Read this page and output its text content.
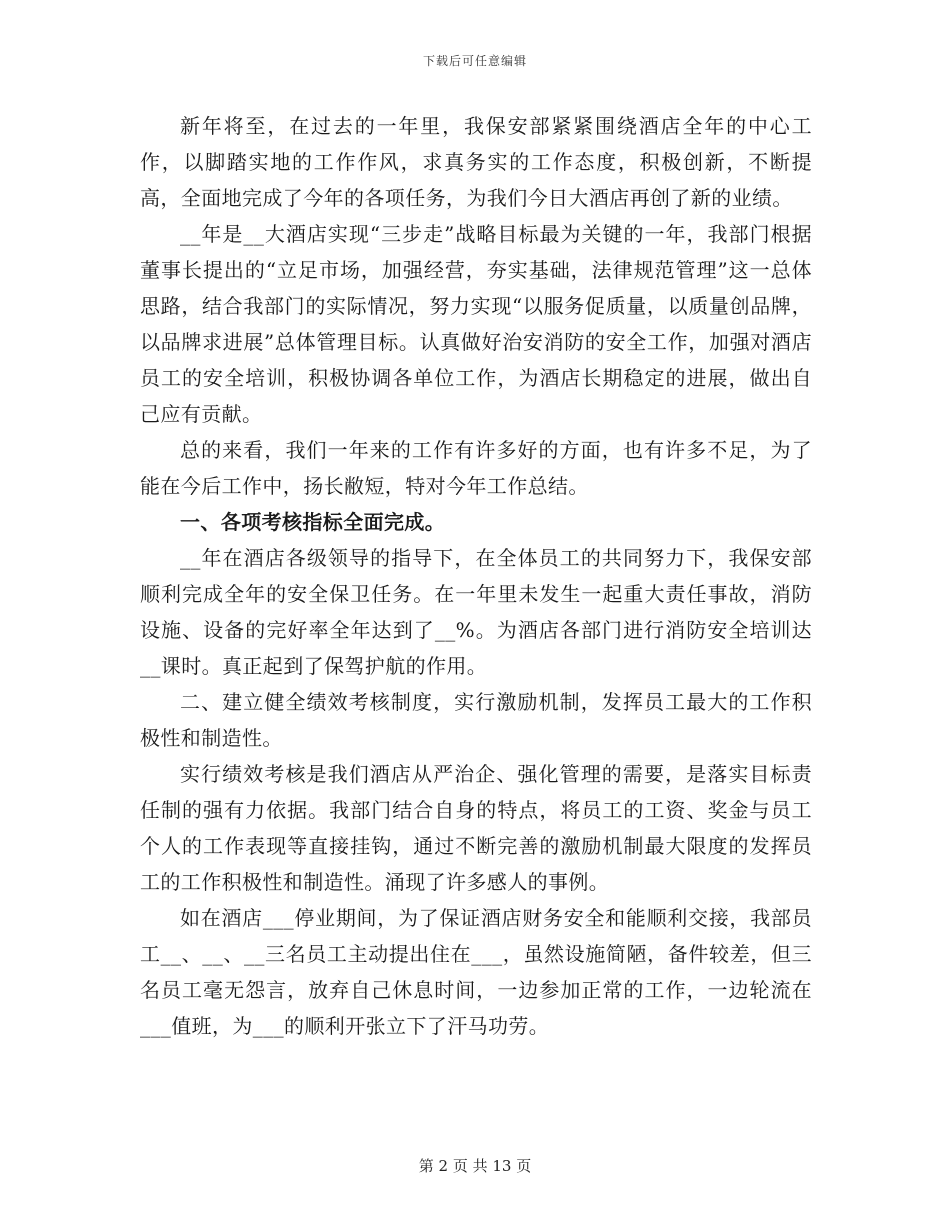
下载后可任意编辑

新年将至，在过去的一年里，我保安部紧紧围绕酒店全年的中心工作，以脚踏实地的工作作风，求真务实的工作态度，积极创新，不断提高，全面地完成了今年的各项任务，为我们今日大酒店再创了新的业绩。

__年是__大酒店实现“三步走”战略目标最为关键的一年，我部门根据董事长提出的“立足市场，加强经营，夯实基础，法律规范管理”这一总体思路，结合我部门的实际情况，努力实现“以服务促质量，以质量创品牌，以品牌求进展”总体管理目标。认真做好治安消防的安全工作，加强对酒店员工的安全培训，积极协调各单位工作，为酒店长期稳定的进展，做出自己应有贡献。

总的来看，我们一年来的工作有许多好的方面，也有许多不足，为了能在今后工作中，扬长敝短，特对今年工作总结。

一、各项考核指标全面完成。

__年在酒店各级领导的指导下，在全体员工的共同努力下，我保安部顺利完成全年的安全保卫任务。在一年里未发生一起重大责任事故，消防设施、设备的完好率全年达到了__%。为酒店各部门进行消防安全培训达__课时。真正起到了保驾护航的作用。

二、建立健全绩效考核制度，实行激励机制，发挥员工最大的工作积极性和制造性。

实行绩效考核是我们酒店从严治企、强化管理的需要，是落实目标责任制的强有力依据。我部门结合自身的特点，将员工的工资、奖金与员工个人的工作表现等直接挂钩，通过不断完善的激励机制最大限度的发挥员工的工作积极性和制造性。涌现了许多感人的事例。

如在酒店___停业期间，为了保证酒店财务安全和能顺利交接，我部员工__、__、__三名员工主动提出住在___，虽然设施简陋，备件较差，但三名员工毫无怨言，放弃自己休息时间，一边参加正常的工作，一边轮流在___值班，为___的顺利开张立下了汗马功劳。

第 2 页 共 13 页
